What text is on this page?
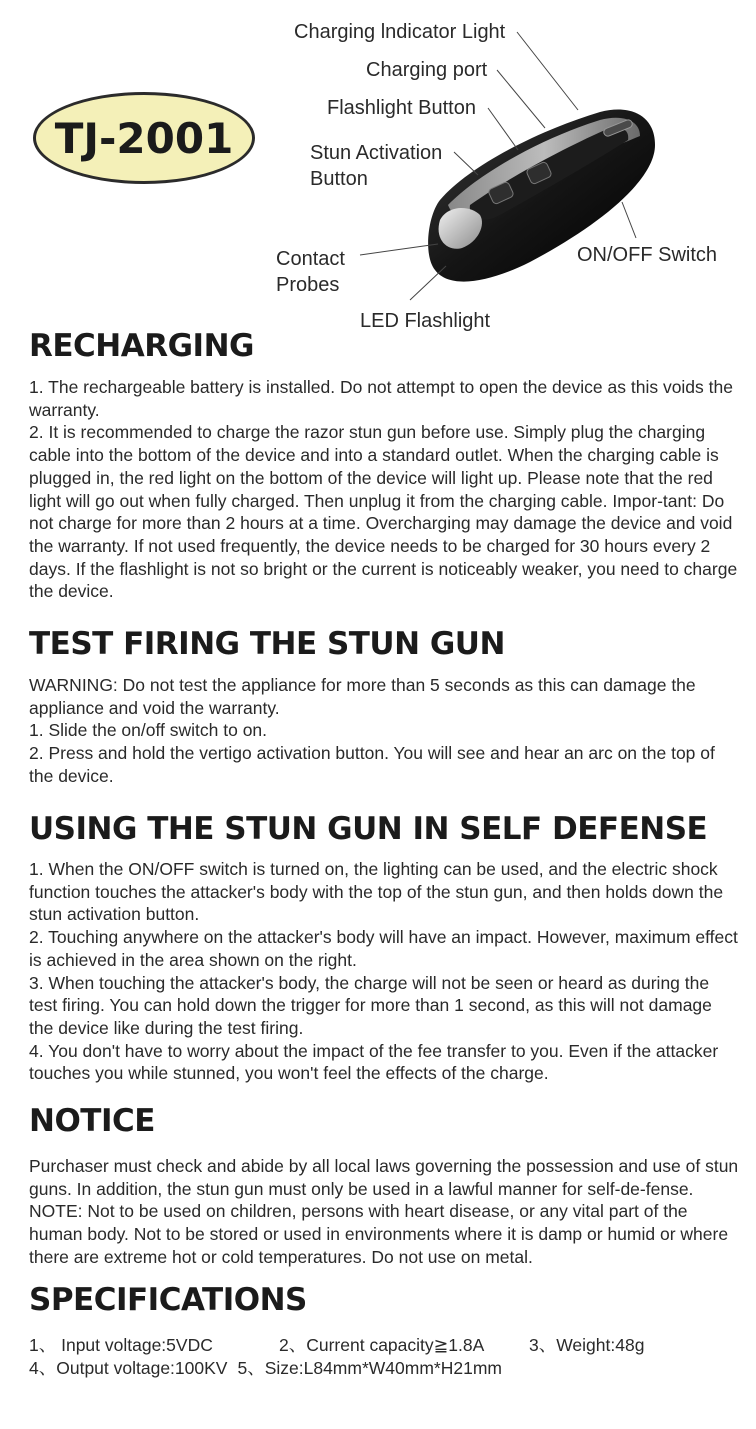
TJ-2001
Charging lndicator Light
Charging port
Flashlight Button
Stun Activation
Button
Contact
Probes
LED Flashlight
ON/OFF Switch
RECHARGING

1. The rechargeable battery is installed. Do not attempt to open the device as this voids the warranty.

2. It is recommended to charge the razor stun gun before use. Simply plug the charging cable into the bottom of the device and into a standard outlet. When the charging cable is plugged in, the red light on the bottom of the device will light up. Please note that the red light will go out when fully charged. Then unplug it from the charging cable. Impor-tant: Do not charge for more than 2 hours at a time. Overcharging may damage the device and void the warranty. If not used frequently, the device needs to be charged for 30 hours every 2 days. If the flashlight is not so bright or the current is noticeably weaker, you need to charge the device.

TEST FIRING THE STUN GUN

WARNING: Do not test the appliance for more than 5 seconds as this can damage the appliance and void the warranty.

1. Slide the on/off switch to on.

2. Press and hold the vertigo activation button. You will see and hear an arc on the top of the device.

USING THE STUN GUN IN SELF DEFENSE

1. When the ON/OFF switch is turned on, the lighting can be used, and the electric shock function touches the attacker's body with the top of the stun gun, and then holds down the stun activation button.

2. Touching anywhere on the attacker's body will have an impact. However, maximum effect is achieved in the area shown on the right.

3. When touching the attacker's body, the charge will not be seen or heard as during the test firing. You can hold down the trigger for more than 1 second, as this will not damage the device like during the test firing.

4. You don't have to worry about the impact of the fee transfer to you. Even if the attacker touches you while stunned, you won't feel the effects of the charge.

NOTICE

Purchaser must check and abide by all local laws governing the possession and use of stun guns. In addition, the stun gun must only be used in a lawful manner for self-de-fense. NOTE: Not to be used on children, persons with heart disease, or any vital part of the human body. Not to be stored or used in environments where it is damp or humid or where there are extreme hot or cold temperatures. Do not use on metal.

SPECIFICATIONS
1、 Input voltage:5VDC	2、Current capacity≧1.8A	3、Weight:48g
4、Output voltage:100KV 5、Size:L84mm*W40mm*H21mm
